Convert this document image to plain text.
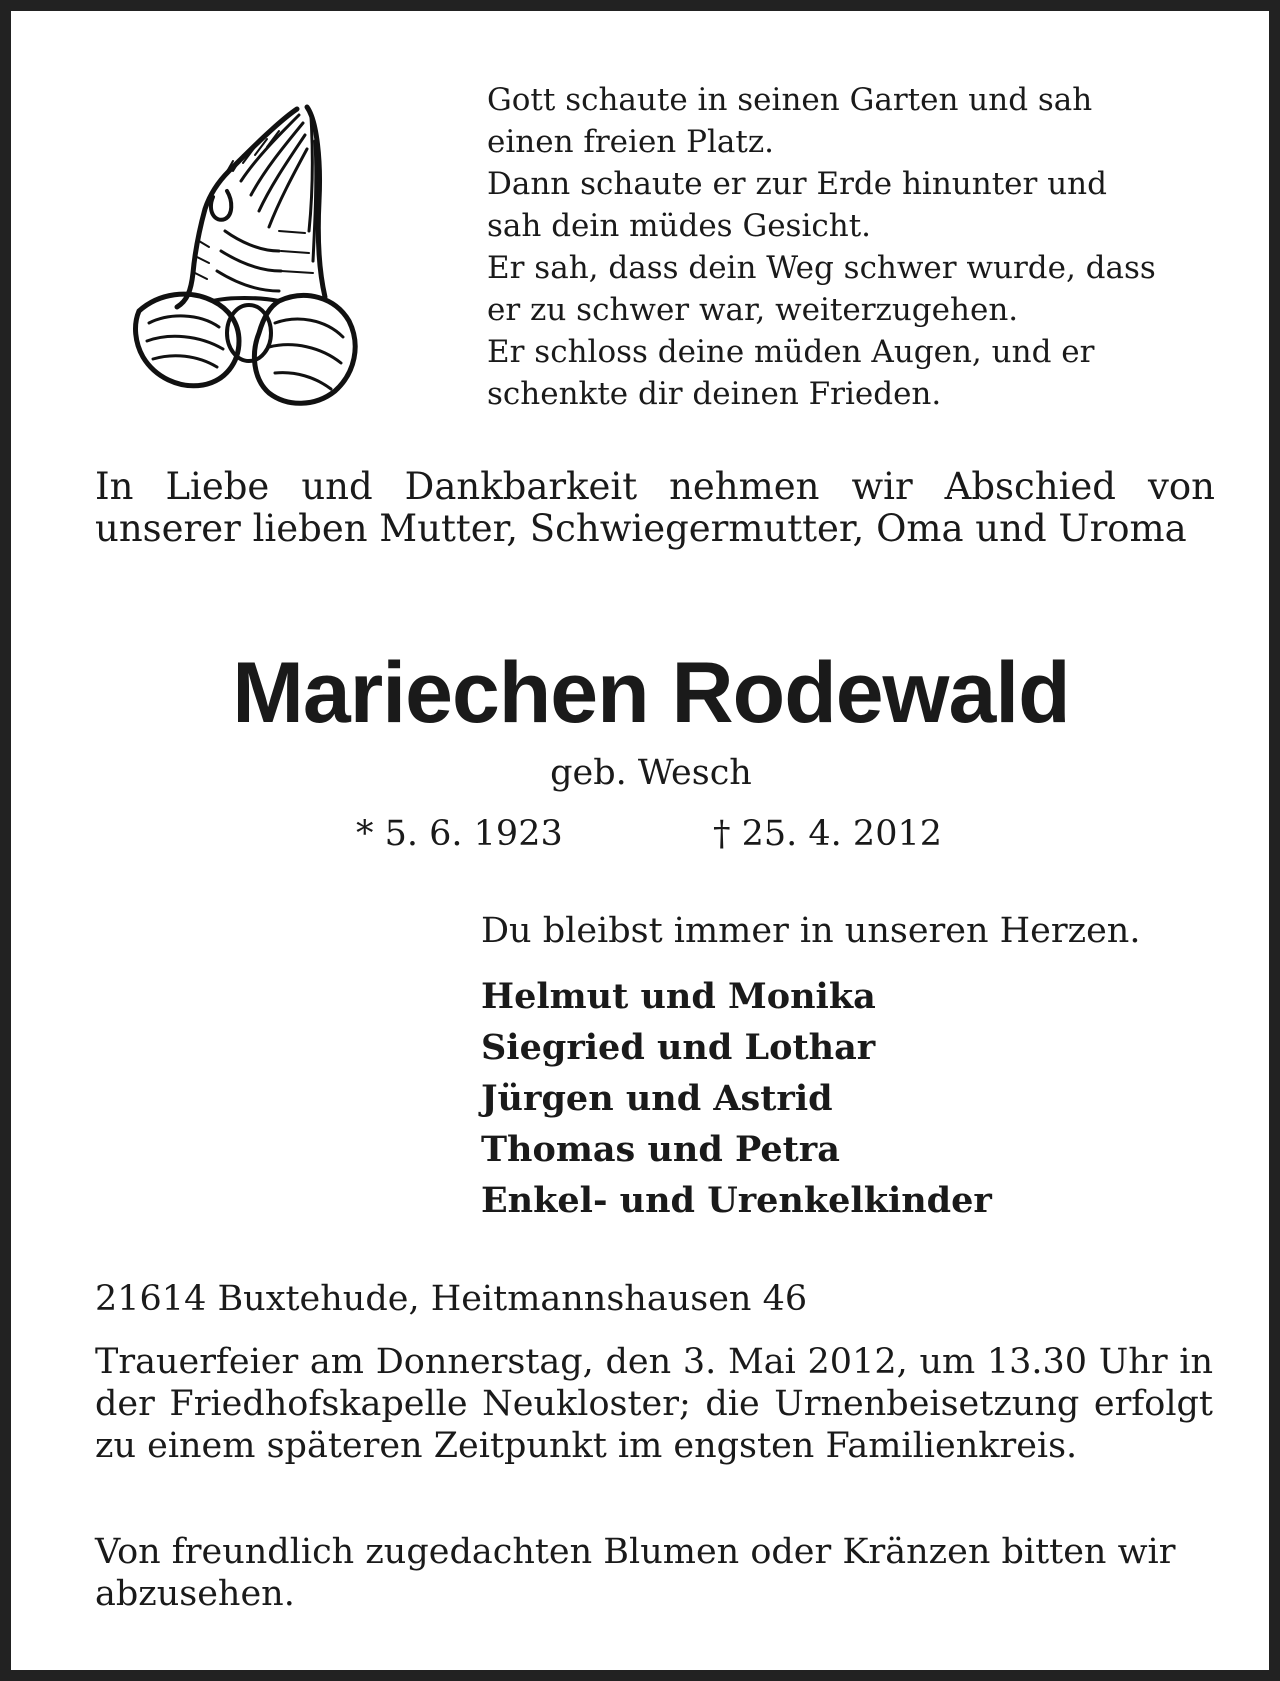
Gott schaute in seinen Garten und sah
einen freien Platz.
Dann schaute er zur Erde hinunter und
sah dein müdes Gesicht.
Er sah, dass dein Weg schwer wurde, dass
er zu schwer war, weiterzugehen.
Er schloss deine müden Augen, und er
schenkte dir deinen Frieden.

In Liebe und Dankbarkeit nehmen wir Abschied von unserer lieben Mutter, Schwiegermutter, Oma und Uroma

Mariechen Rodewald

geb. Wesch

* 5. 6. 1923	† 25. 4. 2012
Du bleibst immer in unseren Herzen.
Helmut und Monika
Siegried und Lothar
Jürgen und Astrid
Thomas und Petra
Enkel- und Urenkelkinder
21614 Buxtehude, Heitmannshausen 46

Trauerfeier am Donnerstag, den 3. Mai 2012, um 13.30 Uhr in der Friedhofskapelle Neukloster; die Urnenbeisetzung erfolgt zu einem späteren Zeitpunkt im engsten Familienkreis.

Von freundlich zugedachten Blumen oder Kränzen bitten wir abzusehen.
